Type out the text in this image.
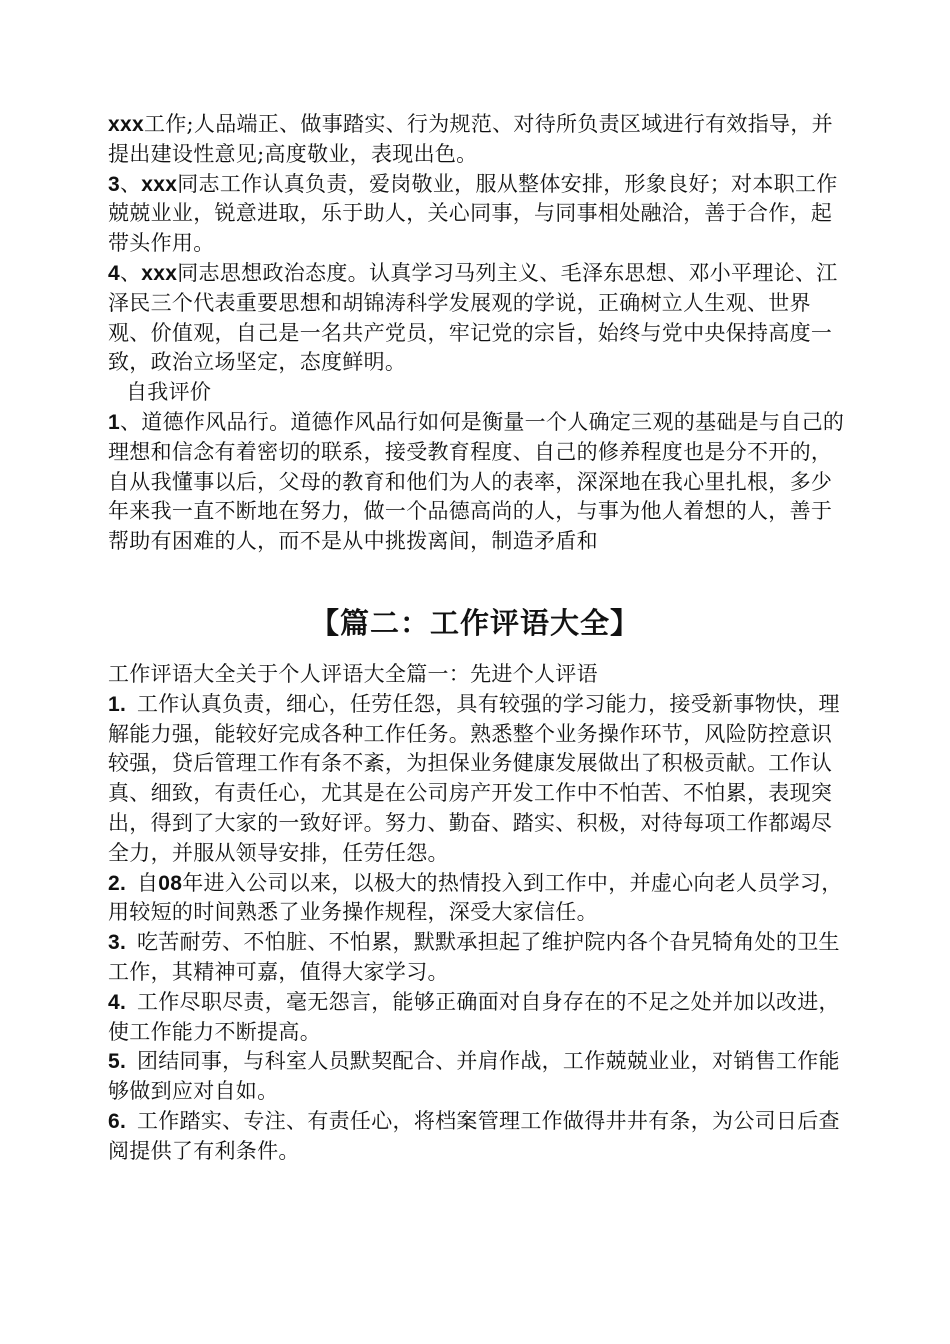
xxx工作;人品端正、做事踏实、行为规范、对待所负责区域进行有效指导，并提出建设性意见;高度敬业，表现出色。

3、xxx同志工作认真负责，爱岗敬业，服从整体安排，形象良好；对本职工作兢兢业业，锐意进取，乐于助人，关心同事，与同事相处融洽，善于合作，起带头作用。

4、xxx同志思想政治态度。认真学习马列主义、毛泽东思想、邓小平理论、江泽民三个代表重要思想和胡锦涛科学发展观的学说，正确树立人生观、世界观、价值观，自己是一名共产党员，牢记党的宗旨，始终与党中央保持高度一致，政治立场坚定，态度鲜明。

自我评价

1、道德作风品行。道德作风品行如何是衡量一个人确定三观的基础是与自己的理想和信念有着密切的联系，接受教育程度、自己的修养程度也是分不开的，自从我懂事以后，父母的教育和他们为人的表率，深深地在我心里扎根，多少年来我一直不断地在努力，做一个品德高尚的人，与事为他人着想的人，善于帮助有困难的人，而不是从中挑拨离间，制造矛盾和

【篇二：工作评语大全】

工作评语大全关于个人评语大全篇一：先进个人评语

1.  工作认真负责，细心，任劳任怨，具有较强的学习能力，接受新事物快，理解能力强，能较好完成各种工作任务。熟悉整个业务操作环节，风险防控意识较强，贷后管理工作有条不紊，为担保业务健康发展做出了积极贡献。工作认真、细致，有责任心，尤其是在公司房产开发工作中不怕苦、不怕累，表现突出，得到了大家的一致好评。努力、勤奋、踏实、积极，对待每项工作都竭尽全力，并服从领导安排，任劳任怨。

2.  自08年进入公司以来，以极大的热情投入到工作中，并虚心向老人员学习，用较短的时间熟悉了业务操作规程，深受大家信任。

3.  吃苦耐劳、不怕脏、不怕累，默默承担起了维护院内各个旮旯犄角处的卫生工作，其精神可嘉，值得大家学习。

4.  工作尽职尽责，毫无怨言，能够正确面对自身存在的不足之处并加以改进，使工作能力不断提高。

5.  团结同事，与科室人员默契配合、并肩作战，工作兢兢业业，对销售工作能够做到应对自如。

6.  工作踏实、专注、有责任心，将档案管理工作做得井井有条，为公司日后查阅提供了有利条件。
